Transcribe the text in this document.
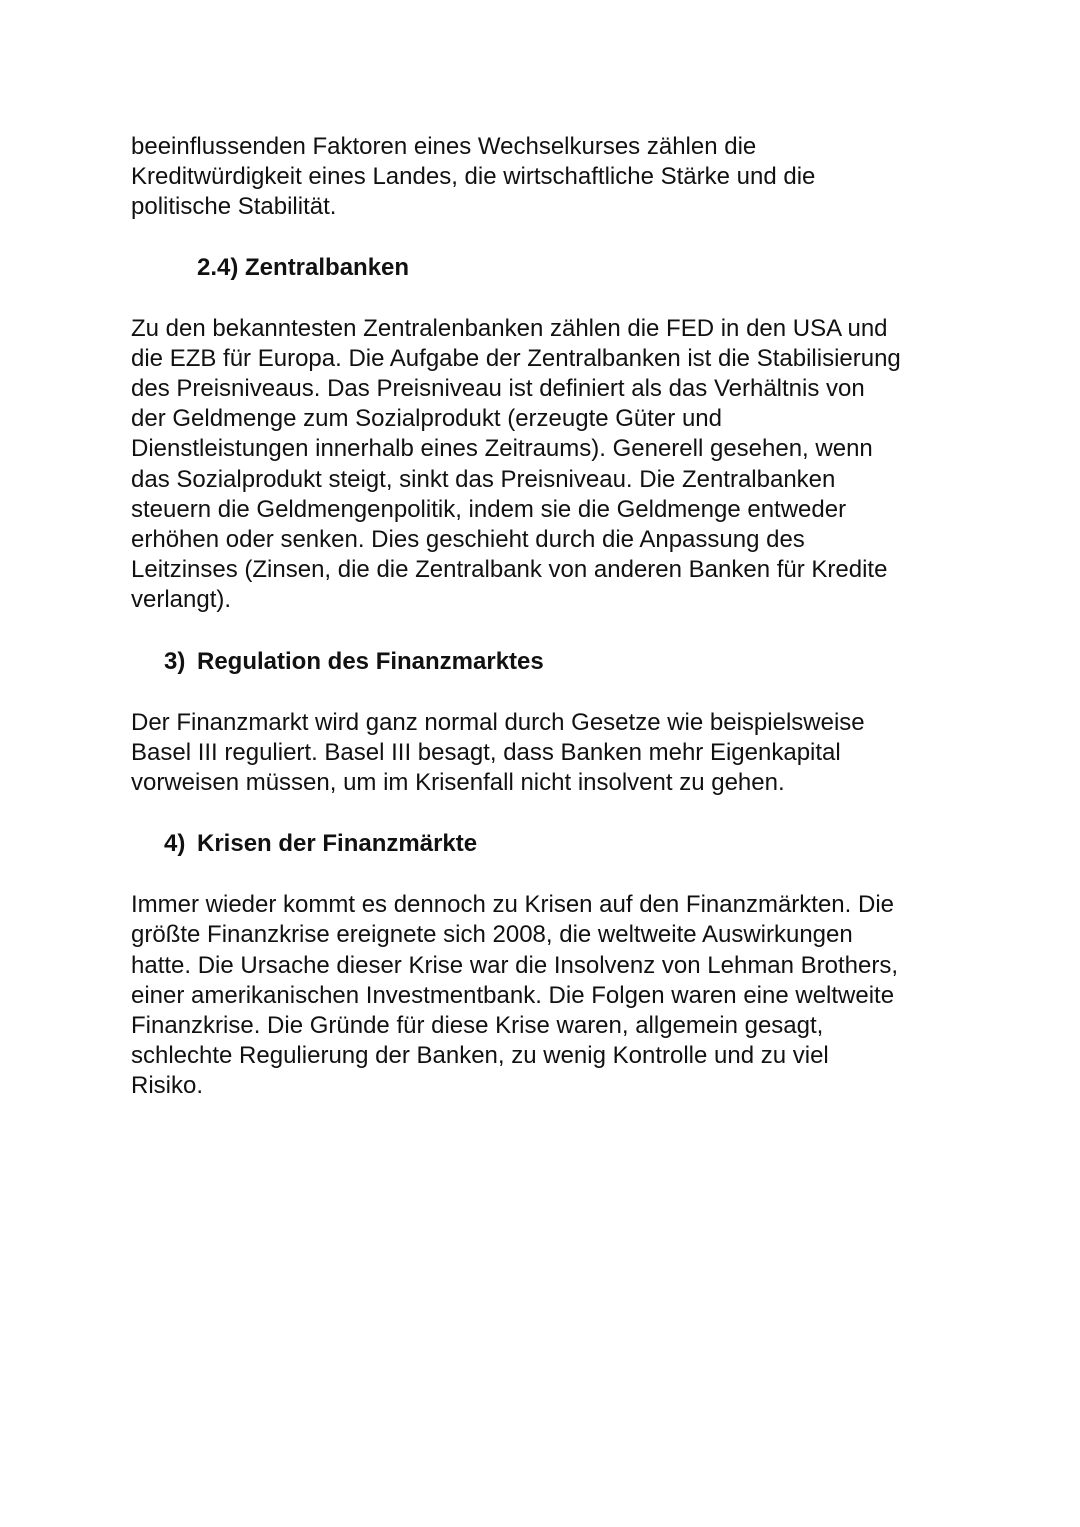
beeinflussenden Faktoren eines Wechselkurses zählen die
Kreditwürdigkeit eines Landes, die wirtschaftliche Stärke und die
politische Stabilität.

2.4) Zentralbanken

Zu den bekanntesten Zentralenbanken zählen die FED in den USA und
die EZB für Europa. Die Aufgabe der Zentralbanken ist die Stabilisierung
des Preisniveaus. Das Preisniveau ist definiert als das Verhältnis von
der Geldmenge zum Sozialprodukt (erzeugte Güter und
Dienstleistungen innerhalb eines Zeitraums). Generell gesehen, wenn
das Sozialprodukt steigt, sinkt das Preisniveau. Die Zentralbanken
steuern die Geldmengenpolitik, indem sie die Geldmenge entweder
erhöhen oder senken. Dies geschieht durch die Anpassung des
Leitzinses (Zinsen, die die Zentralbank von anderen Banken für Kredite
verlangt).

3) Regulation des Finanzmarktes

Der Finanzmarkt wird ganz normal durch Gesetze wie beispielsweise
Basel III reguliert. Basel III besagt, dass Banken mehr Eigenkapital
vorweisen müssen, um im Krisenfall nicht insolvent zu gehen.

4) Krisen der Finanzmärkte

Immer wieder kommt es dennoch zu Krisen auf den Finanzmärkten. Die
größte Finanzkrise ereignete sich 2008, die weltweite Auswirkungen
hatte. Die Ursache dieser Krise war die Insolvenz von Lehman Brothers,
einer amerikanischen Investmentbank. Die Folgen waren eine weltweite
Finanzkrise. Die Gründe für diese Krise waren, allgemein gesagt,
schlechte Regulierung der Banken, zu wenig Kontrolle und zu viel
Risiko.
